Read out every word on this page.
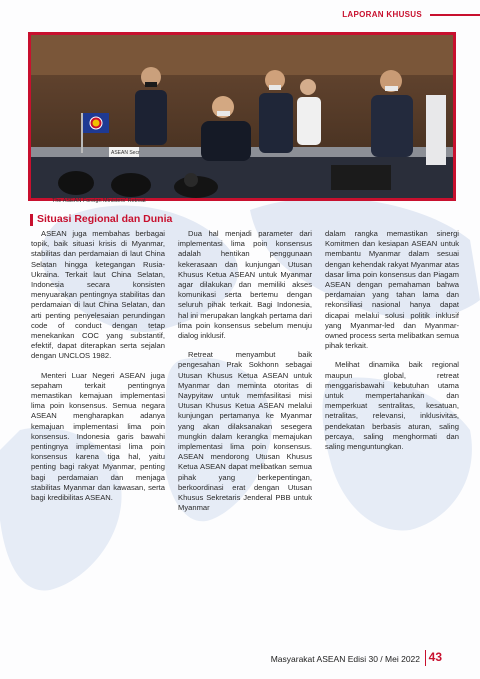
LAPORAN KHUSUS
ASEAN Secr
The ASEAN Foreign Ministers' Retreat
Situasi Regional dan Dunia

ASEAN juga membahas berbagai topik, baik situasi krisis di Myanmar, stabilitas dan perdamaian di laut China Selatan hingga ketegangan Rusia-Ukraina. Terkait laut China Selatan, Indonesia secara konsisten menyuarakan pentingnya stabilitas dan perdamaian di laut China Selatan, dan arti penting penyelesaian perundingan code of conduct dengan tetap menekankan COC yang substantif, efektif, dapat diterapkan serta sejalan dengan UNCLOS 1982.

Menteri Luar Negeri ASEAN juga sepaham terkait pentingnya memastikan kemajuan implementasi lima poin konsensus. Semua negara ASEAN mengharapkan adanya kemajuan implementasi lima poin konsensus. Indonesia garis bawahi pentingnya implementasi lima poin konsensus karena tiga hal, yaitu penting bagi rakyat Myanmar, penting bagi perdamaian dan menjaga stabilitas Myanmar dan kawasan, serta bagi kredibilitas ASEAN.

Dua hal menjadi parameter dari implementasi lima poin konsensus adalah hentikan penggunaan kekerasaan dan kunjungan Utusan Khusus Ketua ASEAN untuk Myanmar agar dilakukan dan memiliki akses komunikasi serta bertemu dengan seluruh pihak terkait. Bagi Indonesia, hal ini merupakan langkah pertama dari lima poin konsensus sebelum menuju dialog inklusif.

Retreat menyambut baik pengesahan Prak Sokhonn sebagai Utusan Khusus Ketua ASEAN untuk Myanmar dan meminta otoritas di Naypyitaw untuk memfasilitasi misi Utusan Khusus Ketua ASEAN melalui kunjungan pertamanya ke Myanmar yang akan dilaksanakan sesegera mungkin dalam kerangka memajukan implementasi lima poin konsensus. ASEAN mendorong Utusan Khusus Ketua ASEAN dapat melibatkan semua pihak yang berkepentingan, berkoordinasi erat dengan Utusan Khusus Sekretaris Jenderal PBB untuk Myanmar

dalam rangka memastikan sinergi Komitmen dan kesiapan ASEAN untuk membantu Myanmar dalam sesuai dengan kehendak rakyat Myanmar atas dasar lima poin konsensus dan Piagam ASEAN dengan pemahaman bahwa perdamaian yang tahan lama dan rekonsiliasi nasional hanya dapat dicapai melalui solusi politik inklusif yang Myanmar-led dan Myanmar-owned process serta melibatkan semua pihak terkait.

Melihat dinamika baik regional maupun global, retreat menggarisbawahi kebutuhan utama untuk mempertahankan dan memperkuat sentralitas, kesatuan, netralitas, relevansi, inklusivitas, pendekatan berbasis aturan, saling percaya, saling menghormati dan saling menguntungkan.

Masyarakat ASEAN Edisi 30 / Mei 2022 43
